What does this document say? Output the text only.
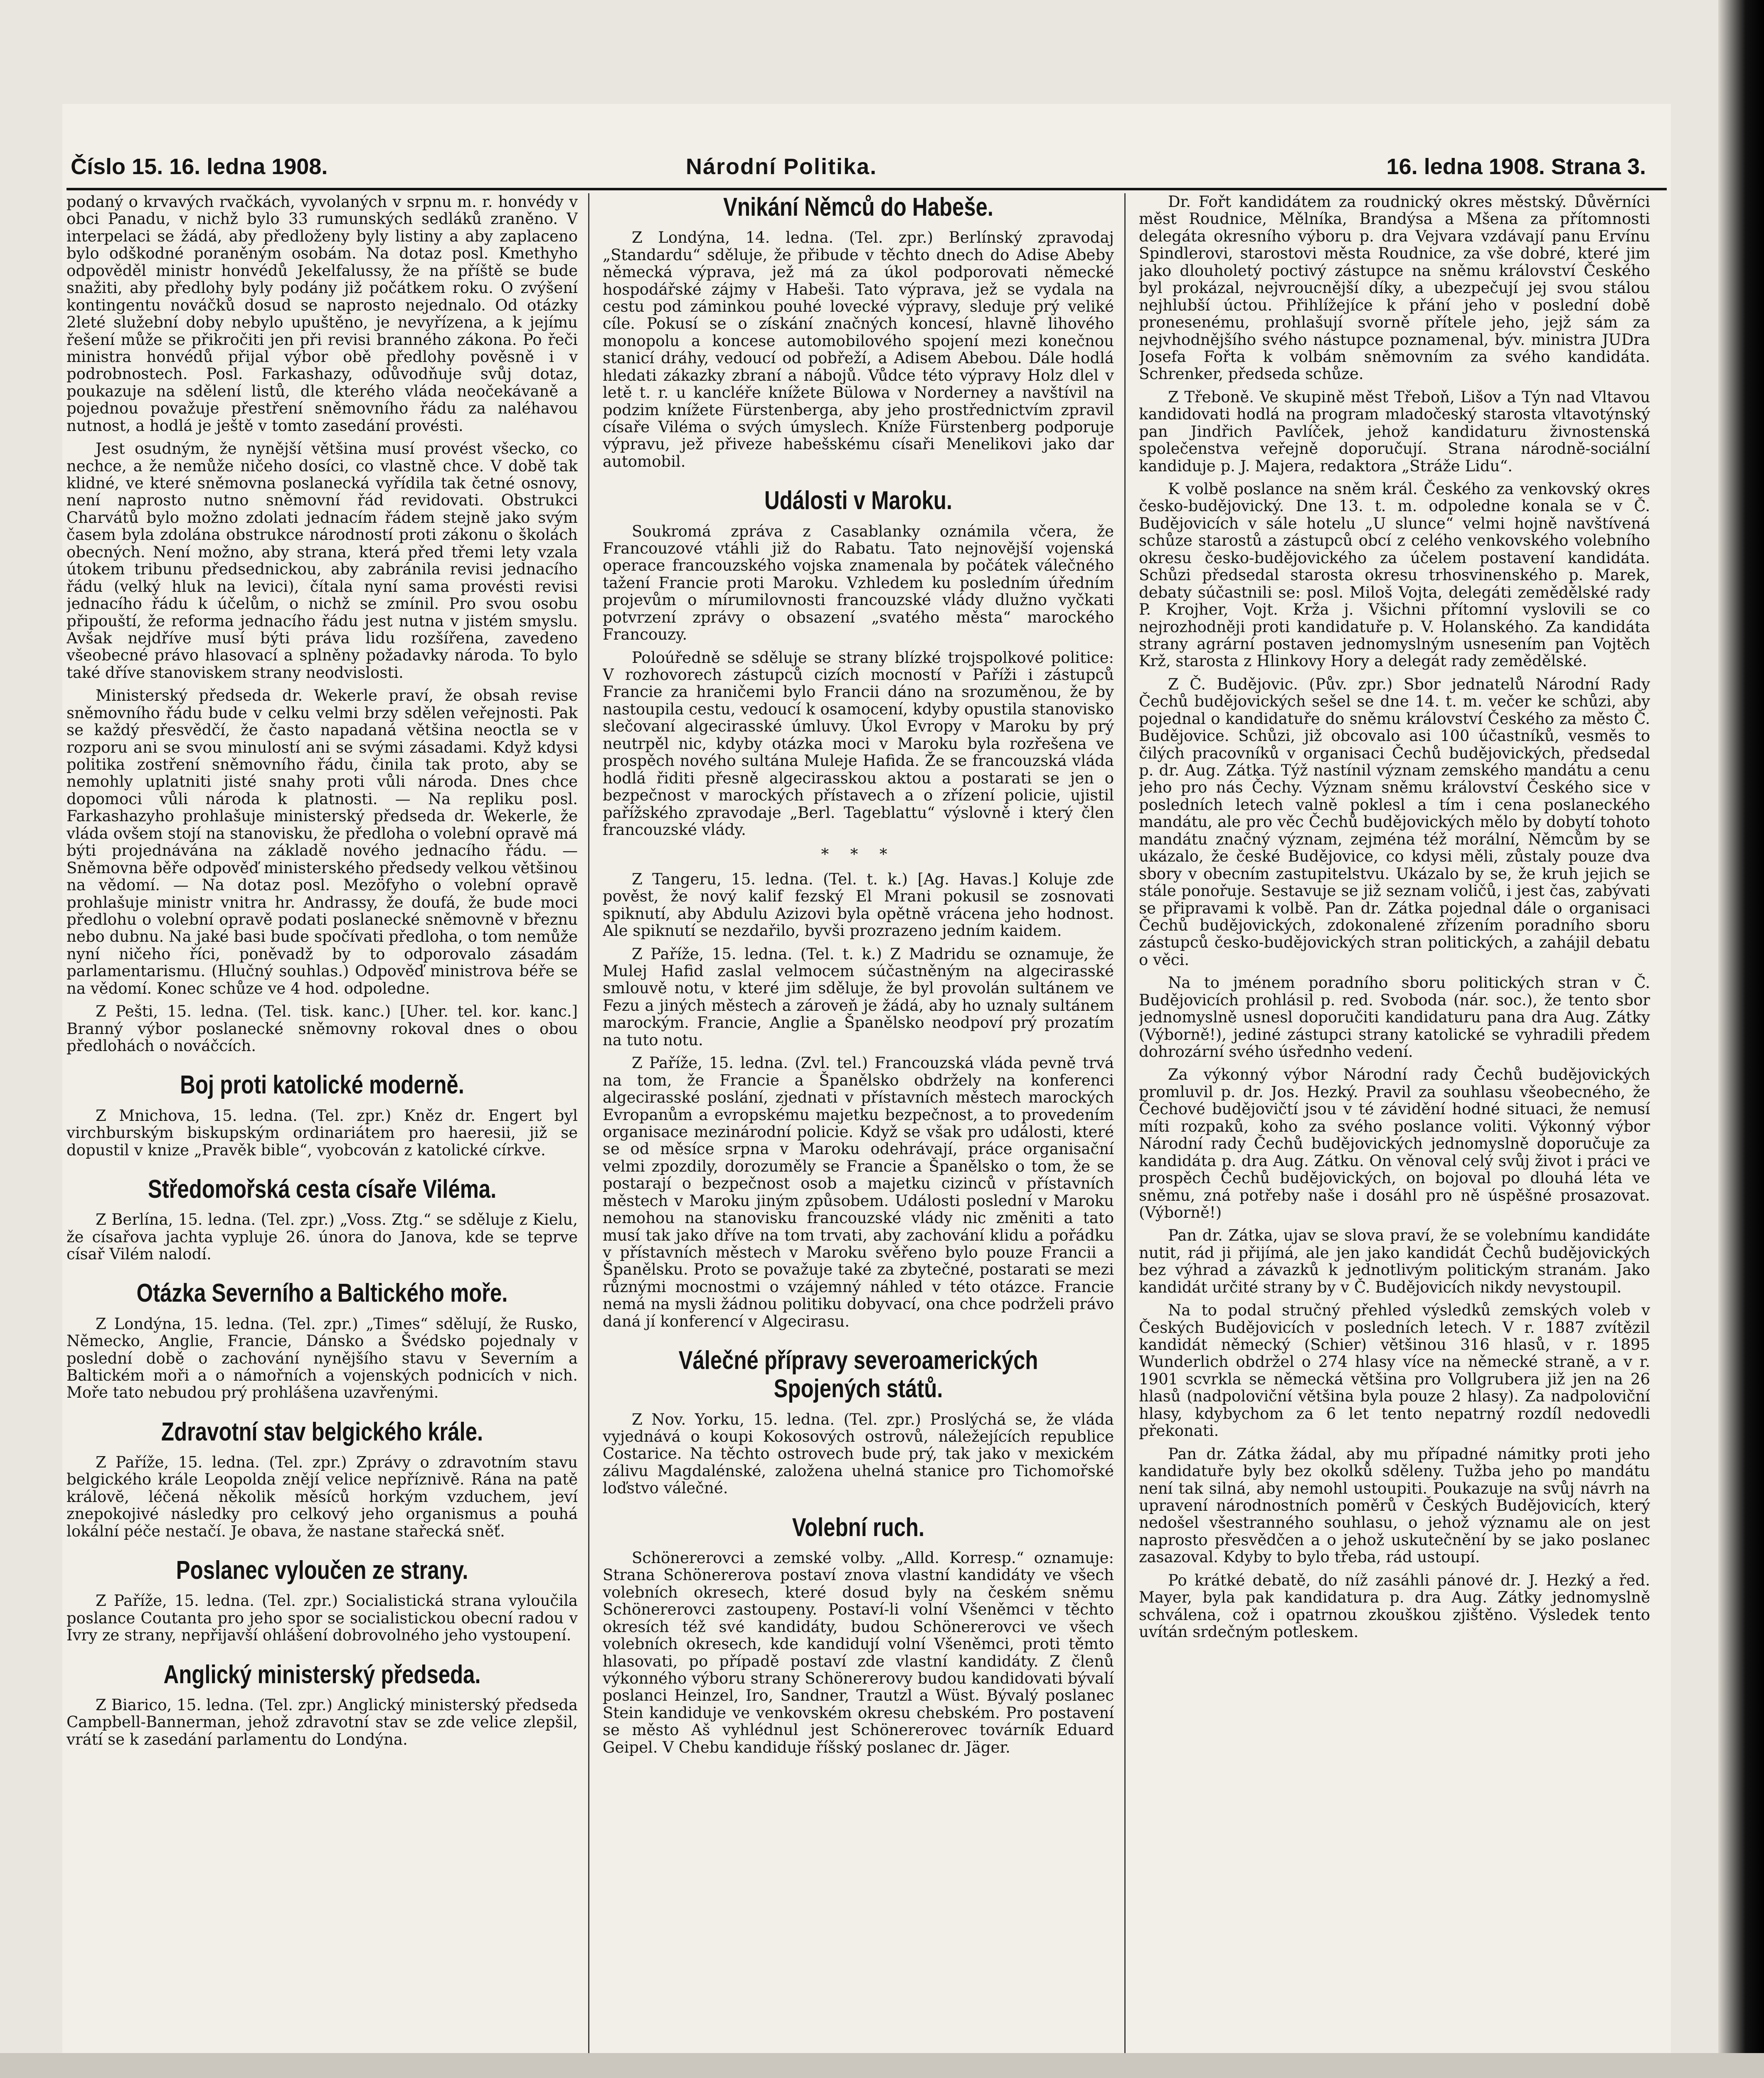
Číslo 15. 16. ledna 1908.	Národní Politika.	16. ledna 1908. Strana 3.

podaný o krvavých rvačkách, vyvolaných v srpnu m. r. honvédy v obci Panadu, v nichž bylo 33 rumunských sedláků zraněno. V interpelaci se žádá, aby předloženy byly listiny a aby zaplaceno bylo odškodné poraněným osobám. Na dotaz posl. Kmethyho odpověděl ministr honvédů Jekelfalussy, že na příště se bude snažiti, aby předlohy byly podány již počátkem roku. O zvýšení kontingentu nováčků dosud se naprosto nejednalo. Od otázky 2leté služební doby nebylo upuštěno, je nevyřízena, a k jejímu řešení může se přikročiti jen při revisi branného zákona. Po řeči ministra honvédů přijal výbor obě předlohy pověsně i v podrobnostech. Posl. Farkashazy, odůvodňuje svůj dotaz, poukazuje na sdělení listů, dle kterého vláda neočekávaně a pojednou považuje přestření sněmovního řádu za naléhavou nutnost, a hodlá je ještě v tomto zasedání provésti.

Jest osudným, že nynější většina musí provést všecko, co nechce, a že nemůže ničeho dosíci, co vlastně chce. V době tak klidné, ve které sněmovna poslanecká vyřídila tak četné osnovy, není naprosto nutno sněmovní řád revidovati. Obstrukci Charvátů bylo možno zdolati jednacím řádem stejně jako svým časem byla zdolána obstrukce národností proti zákonu o školách obecných. Není možno, aby strana, která před třemi lety vzala útokem tribunu předsednickou, aby zabránila revisi jednacího řádu (velký hluk na levici), čítala nyní sama provésti revisi jednacího řádu k účelům, o nichž se zmínil. Pro svou osobu připouští, že reforma jednacího řádu jest nutna v jistém smyslu. Avšak nejdříve musí býti práva lidu rozšířena, zavedeno všeobecné právo hlasovací a splněny požadavky národa. To bylo také dříve stanoviskem strany neodvislosti.

Ministerský předseda dr. Wekerle praví, že obsah revise sněmovního řádu bude v celku velmi brzy sdělen veřejnosti. Pak se každý přesvědčí, že často napadaná většina neoctla se v rozporu ani se svou minulostí ani se svými zásadami. Když kdysi politika zostření sněmovního řádu, činila tak proto, aby se nemohly uplatniti jisté snahy proti vůli národa. Dnes chce dopomoci vůli národa k platnosti. — Na repliku posl. Farkashazyho prohlašuje ministerský předseda dr. Wekerle, že vláda ovšem stojí na stanovisku, že předloha o volební opravě má býti projednávána na základě nového jednacího řádu. — Sněmovna běře odpověď ministerského předsedy velkou většinou na vědomí. — Na dotaz posl. Mezöfyho o volební opravě prohlašuje ministr vnitra hr. Andrassy, že doufá, že bude moci předlohu o volební opravě podati poslanecké sněmovně v březnu nebo dubnu. Na jaké basi bude spočívati předloha, o tom nemůže nyní ničeho říci, poněvadž by to odporovalo zásadám parlamentarismu. (Hlučný souhlas.) Odpověď ministrova béře se na vědomí. Konec schůze ve 4 hod. odpoledne.

Z Pešti, 15. ledna. (Tel. tisk. kanc.) [Uher. tel. kor. kanc.] Branný výbor poslanecké sněmovny rokoval dnes o obou předlohách o nováčcích.

Boj proti katolické moderně.

Z Mnichova, 15. ledna. (Tel. zpr.) Kněz dr. Engert byl virchburským biskupským ordinariátem pro haeresii, již se dopustil v knize „Pravěk bible“, vyobcován z katolické církve.

Středomořská cesta císaře Viléma.

Z Berlína, 15. ledna. (Tel. zpr.) „Voss. Ztg.“ se sděluje z Kielu, že císařova jachta vypluje 26. února do Janova, kde se teprve císař Vilém nalodí.

Otázka Severního a Baltického moře.

Z Londýna, 15. ledna. (Tel. zpr.) „Times“ sdělují, že Rusko, Německo, Anglie, Francie, Dánsko a Švédsko pojednaly v poslední době o zachování nynějšího stavu v Severním a Baltickém moři a o námořních a vojenských podnicích v nich. Moře tato nebudou prý prohlášena uzavřenými.

Zdravotní stav belgického krále.

Z Paříže, 15. ledna. (Tel. zpr.) Zprávy o zdravotním stavu belgického krále Leopolda znějí velice nepříznivě. Rána na patě královĕ, léčená několik měsíců horkým vzduchem, jeví znepokojivé následky pro celkový jeho organismus a pouhá lokální péče nestačí. Je obava, že nastane stařecká sněť.

Poslanec vyloučen ze strany.

Z Paříže, 15. ledna. (Tel. zpr.) Socialistická strana vyloučila poslance Coutanta pro jeho spor se socialistickou obecní radou v Ivry ze strany, nepřijavší ohlášení dobrovolného jeho vystoupení.

Anglický ministerský předseda.

Z Biarico, 15. ledna. (Tel. zpr.) Anglický ministerský předseda Campbell-Bannerman, jehož zdravotní stav se zde velice zlepšil, vrátí se k zasedání parlamentu do Londýna.

Vnikání Němců do Habeše.

Z Londýna, 14. ledna. (Tel. zpr.) Berlínský zpravodaj „Standardu“ sděluje, že přibude v těchto dnech do Adise Abeby německá výprava, jež má za úkol podporovati německé hospodářské zájmy v Habeši. Tato výprava, jež se vydala na cestu pod záminkou pouhé lovecké výpravy, sleduje prý veliké cíle. Pokusí se o získání značných koncesí, hlavně lihového monopolu a koncese automobilového spojení mezi konečnou stanicí dráhy, vedoucí od pobřeží, a Adisem Abebou. Dále hodlá hledati zákazky zbraní a nábojů. Vůdce této výpravy Holz dlel v letě t. r. u kancléře knížete Bülowa v Norderney a navštívil na podzim knížete Fürstenberga, aby jeho prostřednictvím zpravil císaře Viléma o svých úmyslech. Kníže Fürstenberg podporuje výpravu, jež přiveze habešskému císaři Menelikovi jako dar automobil.

Události v Maroku.

Soukromá zpráva z Casablanky oznámila včera, že Francouzové vtáhli již do Rabatu. Tato nejnovější vojenská operace francouzského vojska znamenala by počátek válečného tažení Francie proti Maroku. Vzhledem ku posledním úředním projevům o mírumilovnosti francouzské vlády dlužno vyčkati potvrzení zprávy o obsazení „svatého města“ marockého Francouzy.

Poloúředně se sděluje se strany blízké trojspolkové politice: V rozhovorech zástupců cizích mocností v Paříži i zástupců Francie za hraničemi bylo Francii dáno na srozuměnou, že by nastoupila cestu, vedoucí k osamocení, kdyby opustila stanovisko slečovaní algecirasské úmluvy. Úkol Evropy v Maroku by prý neutrpěl nic, kdyby otázka moci v Maroku byla rozřešena ve prospěch nového sultána Muleje Hafida. Že se francouzská vláda hodlá řiditi přesně algecirasskou aktou a postarati se jen o bezpečnost v marockých přístavech a o zřízení policie, ujistil pařížského zpravodaje „Berl. Tageblattu“ výslovně i který člen francouzské vlády.

* * *

Z Tangeru, 15. ledna. (Tel. t. k.) [Ag. Havas.] Koluje zde pověst, že nový kalif fezský El Mrani pokusil se zosnovati spiknutí, aby Abdulu Azizovi byla opětně vrácena jeho hodnost. Ale spiknutí se nezdařilo, byvši prozrazeno jedním kaidem.

Z Paříže, 15. ledna. (Tel. t. k.) Z Madridu se oznamuje, že Mulej Hafid zaslal velmocem súčastněným na algecirasské smlouvě notu, v které jim sděluje, že byl provolán sultánem ve Fezu a jiných městech a zároveň je žádá, aby ho uznaly sultánem marockým. Francie, Anglie a Španělsko neodpoví prý prozatím na tuto notu.

Z Paříže, 15. ledna. (Zvl. tel.) Francouzská vláda pevně trvá na tom, že Francie a Španělsko obdržely na konferenci algecirasské poslání, zjednati v přístavních městech marockých Evropanům a evropskému majetku bezpečnost, a to provedením organisace mezinárodní policie. Když se však pro události, které se od měsíce srpna v Maroku odehrávají, práce organisační velmi zpozdily, dorozuměly se Francie a Španělsko o tom, že se postarají o bezpečnost osob a majetku cizinců v přístavních městech v Maroku jiným způsobem. Události poslední v Maroku nemohou na stanovisku francouzské vlády nic změniti a tato musí tak jako dříve na tom trvati, aby zachování klidu a pořádku v přístavních městech v Maroku svěřeno bylo pouze Francii a Španělsku. Proto se považuje také za zbytečné, postarati se mezi různými mocnostmi o vzájemný náhled v této otázce. Francie nemá na mysli žádnou politiku dobyvací, ona chce podrželi právo daná jí konferencí v Algecirasu.

Válečné přípravy severoamerických Spojených států.

Z Nov. Yorku, 15. ledna. (Tel. zpr.) Proslýchá se, že vláda vyjednává o koupi Kokosových ostrovů, náležejících republice Costarice. Na těchto ostrovech bude prý, tak jako v mexickém zálivu Magdalénské, založena uhelná stanice pro Tichomořské loďstvo válečné.

Volební ruch.

Schönererovci a zemské volby. „Alld. Korresp.“ oznamuje: Strana Schönererova postaví znova vlastní kandidáty ve všech volebních okresech, které dosud byly na českém sněmu Schönererovci zastoupeny. Postaví-li volní Všeněmci v těchto okresích též své kandidáty, budou Schönererovci ve všech volebních okresech, kde kandidují volní Všeněmci, proti těmto hlasovati, po případě postaví zde vlastní kandidáty. Z členů výkonného výboru strany Schönererovy budou kandidovati bývalí poslanci Heinzel, Iro, Sandner, Trautzl a Wüst. Bývalý poslanec Stein kandiduje ve venkovském okresu chebském. Pro postavení se město Aš vyhlédnul jest Schönererovec továrník Eduard Geipel. V Chebu kandiduje říšský poslanec dr. Jäger.

Dr. Fořt kandidátem za roudnický okres městský. Důvěrníci měst Roudnice, Mělníka, Brandýsa a Mšena za přítomnosti delegáta okresního výboru p. dra Vejvara vzdávají panu Ervínu Spindlerovi, starostovi města Roudnice, za vše dobré, které jim jako dlouholetý poctivý zástupce na sněmu království Českého byl prokázal, nejvroucnější díky, a ubezpečují jej svou stálou nejhlubší úctou. Přihlížejíce k přání jeho v poslední době pronesenému, prohlašují svorně přítele jeho, jejž sám za nejvhodnějšího svého nástupce poznamenal, býv. ministra JUDra Josefa Fořta k volbám sněmovním za svého kandidáta. Schrenker, předseda schůze.

Z Třeboně. Ve skupině měst Třeboň, Lišov a Týn nad Vltavou kandidovati hodlá na program mladočeský starosta vltavotýnský pan Jindřich Pavlíček, jehož kandidaturu živnostenská společenstva veřejně doporučují. Strana národně-sociální kandiduje p. J. Majera, redaktora „Stráže Lidu“.

K volbě poslance na sněm král. Českého za venkovský okres česko-budějovický. Dne 13. t. m. odpoledne konala se v Č. Budějovicích v sále hotelu „U slunce“ velmi hojně navštívená schůze starostů a zástupců obcí z celého venkovského volebního okresu česko-budějovického za účelem postavení kandidáta. Schůzi předsedal starosta okresu trhosvinenského p. Marek, debaty súčastnili se: posl. Miloš Vojta, delegáti zemědělské rady P. Krojher, Vojt. Krža j. Všichni přítomní vyslovili se co nejrozhodněji proti kandidatuře p. V. Holanského. Za kandidáta strany agrární postaven jednomyslným usnesením pan Vojtěch Krž, starosta z Hlinkovy Hory a delegát rady zemědělské.

Z Č. Budějovic. (Pův. zpr.) Sbor jednatelů Národní Rady Čechů budějovických sešel se dne 14. t. m. večer ke schůzi, aby pojednal o kandidatuře do sněmu království Českého za město Č. Budějovice. Schůzi, již obcovalo asi 100 účastníků, vesměs to čilých pracovníků v organisaci Čechů budějovických, předsedal p. dr. Aug. Zátka. Týž nastínil význam zemského mandátu a cenu jeho pro nás Čechy. Význam sněmu království Českého sice v posledních letech valně poklesl a tím i cena poslaneckého mandátu, ale pro věc Čechů budějovických mělo by dobytí tohoto mandátu značný význam, zejména též morální, Němcům by se ukázalo, že české Budějovice, co kdysi měli, zůstaly pouze dva sbory v obecním zastupitelstvu. Ukázalo by se, že kruh jejich se stále ponořuje. Sestavuje se již seznam voličů, i jest čas, zabývati se připravami k volbě. Pan dr. Zátka pojednal dále o organisaci Čechů budějovických, zdokonalené zřízením poradního sboru zástupců česko-budějovických stran politických, a zahájil debatu o věci.

Na to jménem poradního sboru politických stran v Č. Budějovicích prohlásil p. red. Svoboda (nár. soc.), že tento sbor jednomyslně usnesl doporučiti kandidaturu pana dra Aug. Zátky (Výborně!), jediné zástupci strany katolické se vyhradili předem dohrozární svého úsřednho vedení.

Za výkonný výbor Národní rady Čechů budějovických promluvil p. dr. Jos. Hezký. Pravil za souhlasu všeobecného, že Čechové budějovičtí jsou v té závidění hodné situaci, že nemusí míti rozpaků, koho za svého poslance voliti. Výkonný výbor Národní rady Čechů budějovických jednomyslně doporučuje za kandidáta p. dra Aug. Zátku. On věnoval celý svůj život i práci ve prospěch Čechů budějovických, on bojoval po dlouhá léta ve sněmu, zná potřeby naše i dosáhl pro ně úspěšné prosazovat. (Výborně!)

Pan dr. Zátka, ujav se slova praví, že se volebnímu kandidáte nutit, rád ji přijímá, ale jen jako kandidát Čechů budějovických bez výhrad a závazků k jednotlivým politickým stranám. Jako kandidát určité strany by v Č. Budějovicích nikdy nevystoupil.

Na to podal stručný přehled výsledků zemských voleb v Českých Budějovicích v posledních letech. V r. 1887 zvítězil kandidát německý (Schier) většinou 316 hlasů, v r. 1895 Wunderlich obdržel o 274 hlasy více na německé straně, a v r. 1901 scvrkla se německá většina pro Vollgrubera již jen na 26 hlasů (nadpoloviční většina byla pouze 2 hlasy). Za nadpoloviční hlasy, kdybychom za 6 let tento nepatrný rozdíl nedovedli překonati.

Pan dr. Zátka žádal, aby mu případné námitky proti jeho kandidatuře byly bez okolků sděleny. Tužba jeho po mandátu není tak silná, aby nemohl ustoupiti. Poukazuje na svůj návrh na upravení národnostních poměrů v Českých Budějovicích, který nedošel všestranného souhlasu, o jehož významu ale on jest naprosto přesvědčen a o jehož uskutečnění by se jako poslanec zasazoval. Kdyby to bylo třeba, rád ustoupí.

Po krátké debatě, do níž zasáhli pánové dr. J. Hezký a řed. Mayer, byla pak kandidatura p. dra Aug. Zátky jednomyslně schválena, což i opatrnou zkouškou zjištěno. Výsledek tento uvítán srdečným potleskem.
